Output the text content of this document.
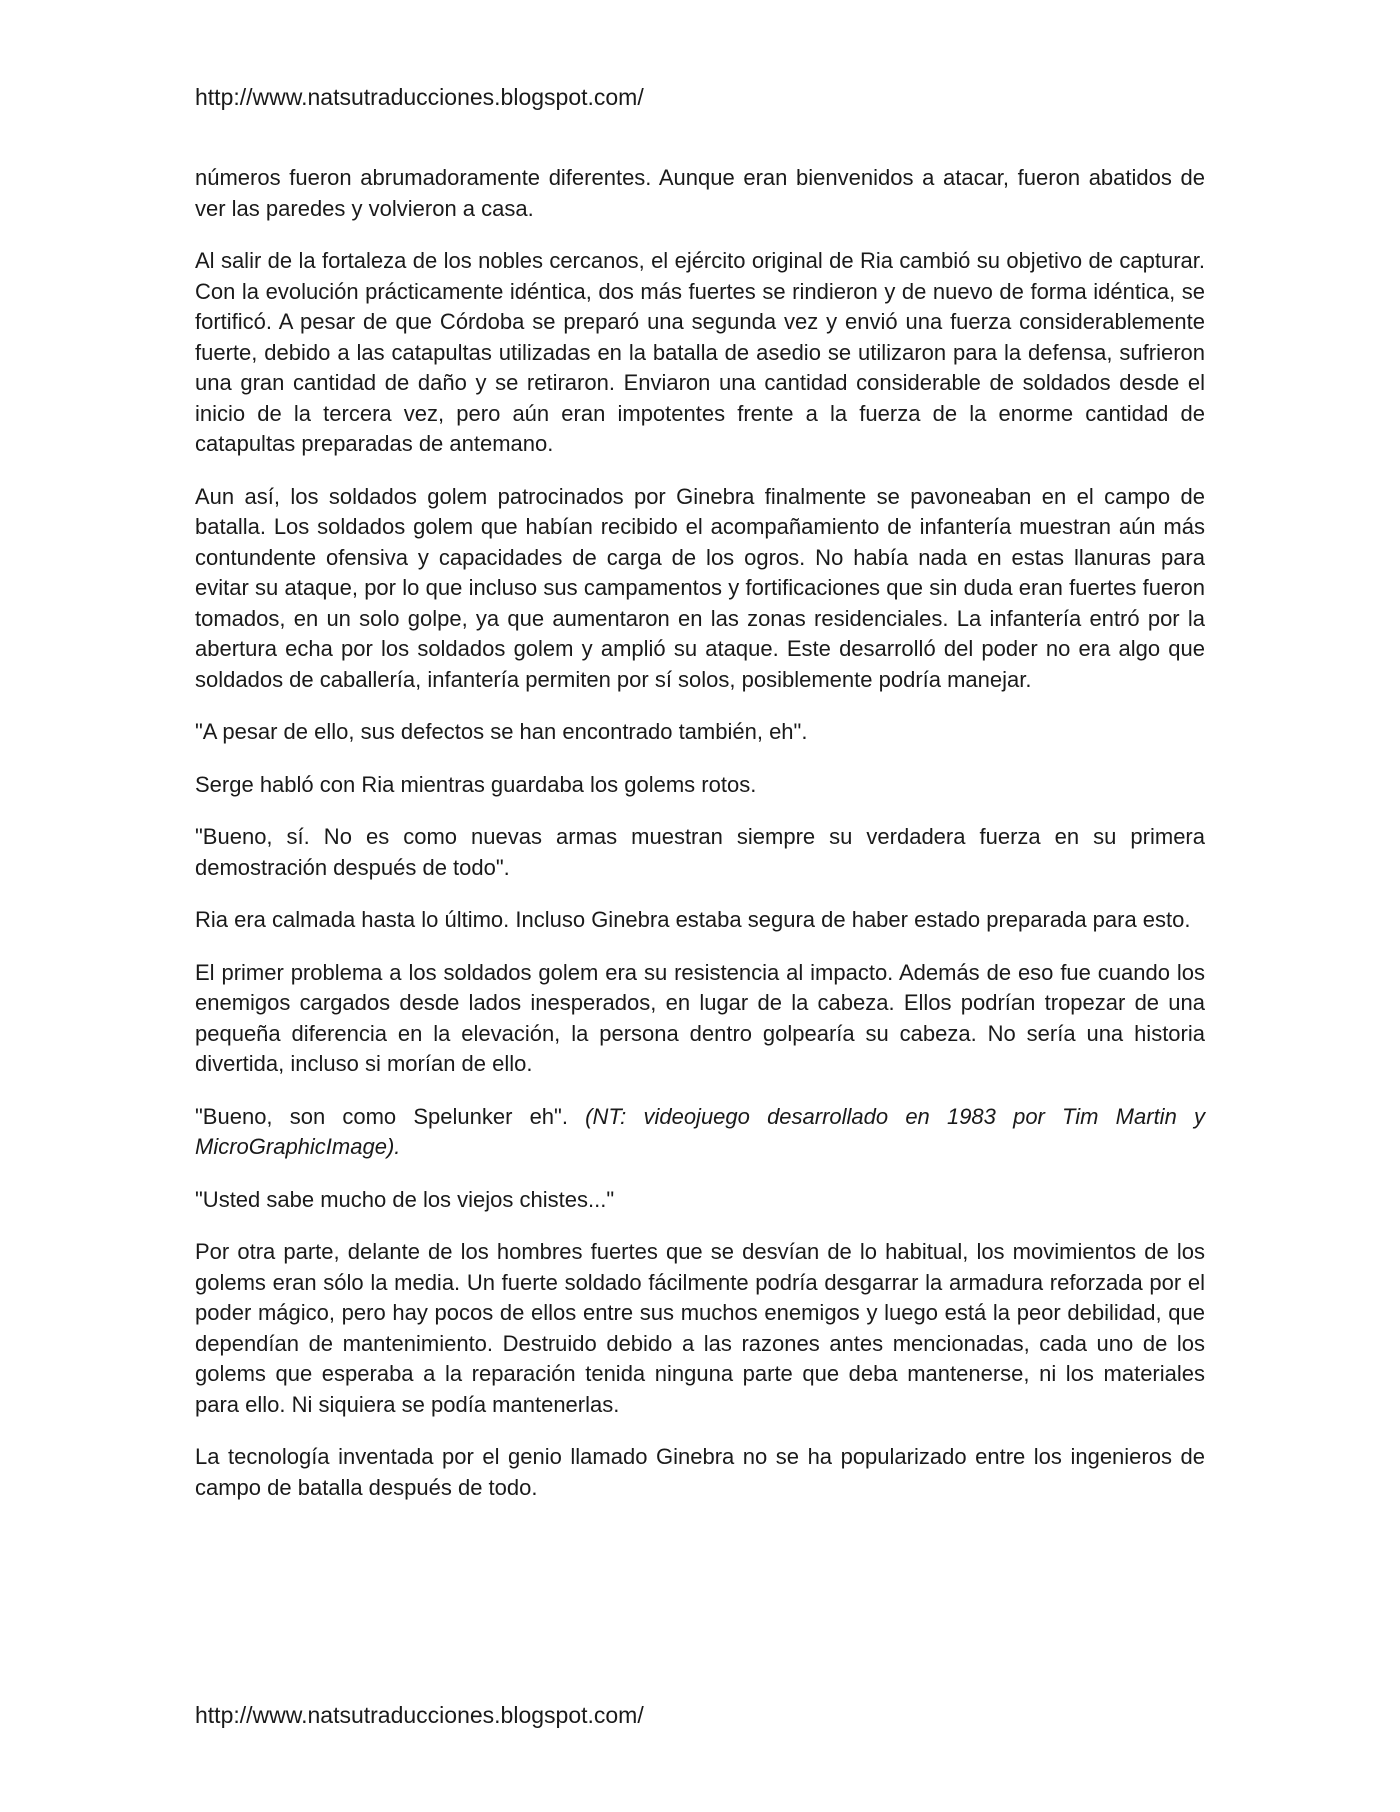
http://www.natsutraducciones.blogspot.com/

números fueron abrumadoramente diferentes. Aunque eran bienvenidos a atacar, fueron abatidos de ver las paredes y volvieron a casa.

Al salir de la fortaleza de los nobles cercanos, el ejército original de Ria cambió su objetivo de capturar. Con la evolución prácticamente idéntica, dos más fuertes se rindieron y de nuevo de forma idéntica, se fortificó. A pesar de que Córdoba se preparó una segunda vez y envió una fuerza considerablemente fuerte, debido a las catapultas utilizadas en la batalla de asedio se utilizaron para la defensa, sufrieron una gran cantidad de daño y se retiraron. Enviaron una cantidad considerable de soldados desde el inicio de la tercera vez, pero aún eran impotentes frente a la fuerza de la enorme cantidad de catapultas preparadas de antemano.

Aun así, los soldados golem patrocinados por Ginebra finalmente se pavoneaban en el campo de batalla. Los soldados golem que habían recibido el acompañamiento de infantería muestran aún más contundente ofensiva y capacidades de carga de los ogros. No había nada en estas llanuras para evitar su ataque, por lo que incluso sus campamentos y fortificaciones que sin duda eran fuertes fueron tomados, en un solo golpe, ya que aumentaron en las zonas residenciales. La infantería entró por la abertura echa por los soldados golem y amplió su ataque. Este desarrolló del poder no era algo que soldados de caballería, infantería permiten por sí solos, posiblemente podría manejar.

"A pesar de ello, sus defectos se han encontrado también, eh".

Serge habló con Ria mientras guardaba los golems rotos.

"Bueno, sí. No es como nuevas armas muestran siempre su verdadera fuerza en su primera demostración después de todo".

Ria era calmada hasta lo último. Incluso Ginebra estaba segura de haber estado preparada para esto.

El primer problema a los soldados golem era su resistencia al impacto. Además de eso fue cuando los enemigos cargados desde lados inesperados, en lugar de la cabeza. Ellos podrían tropezar de una pequeña diferencia en la elevación, la persona dentro golpearía su cabeza. No sería una historia divertida, incluso si morían de ello.

"Bueno, son como Spelunker eh". (NT: videojuego desarrollado en 1983 por Tim Martin y MicroGraphicImage).

"Usted sabe mucho de los viejos chistes..."

Por otra parte, delante de los hombres fuertes que se desvían de lo habitual, los movimientos de los golems eran sólo la media. Un fuerte soldado fácilmente podría desgarrar la armadura reforzada por el poder mágico, pero hay pocos de ellos entre sus muchos enemigos y luego está la peor debilidad, que dependían de mantenimiento. Destruido debido a las razones antes mencionadas, cada uno de los golems que esperaba a la reparación tenida ninguna parte que deba mantenerse, ni los materiales para ello. Ni siquiera se podía mantenerlas.

La tecnología inventada por el genio llamado Ginebra no se ha popularizado entre los ingenieros de campo de batalla después de todo.

http://www.natsutraducciones.blogspot.com/
